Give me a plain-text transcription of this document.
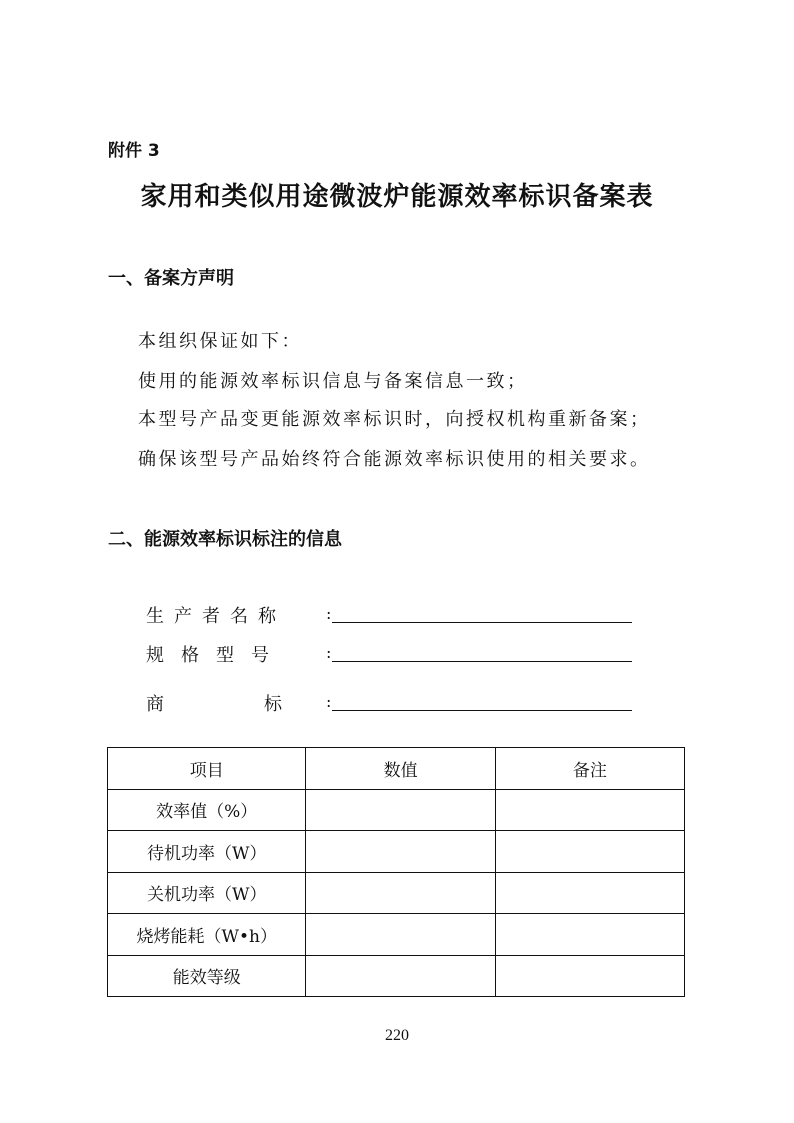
附件 3
家用和类似用途微波炉能源效率标识备案表
一、备案方声明
本组织保证如下：
使用的能源效率标识信息与备案信息一致；
本型号产品变更能源效率标识时，向授权机构重新备案；
确保该型号产品始终符合能源效率标识使用的相关要求。
二、能源效率标识标注的信息
生产者名称	:
规格型号	:
商	标	:
项目	数值	备注
效率值（%）		
待机功率（W）		
关机功率（W）		
烧烤能耗（W•h）		
能效等级		
220
